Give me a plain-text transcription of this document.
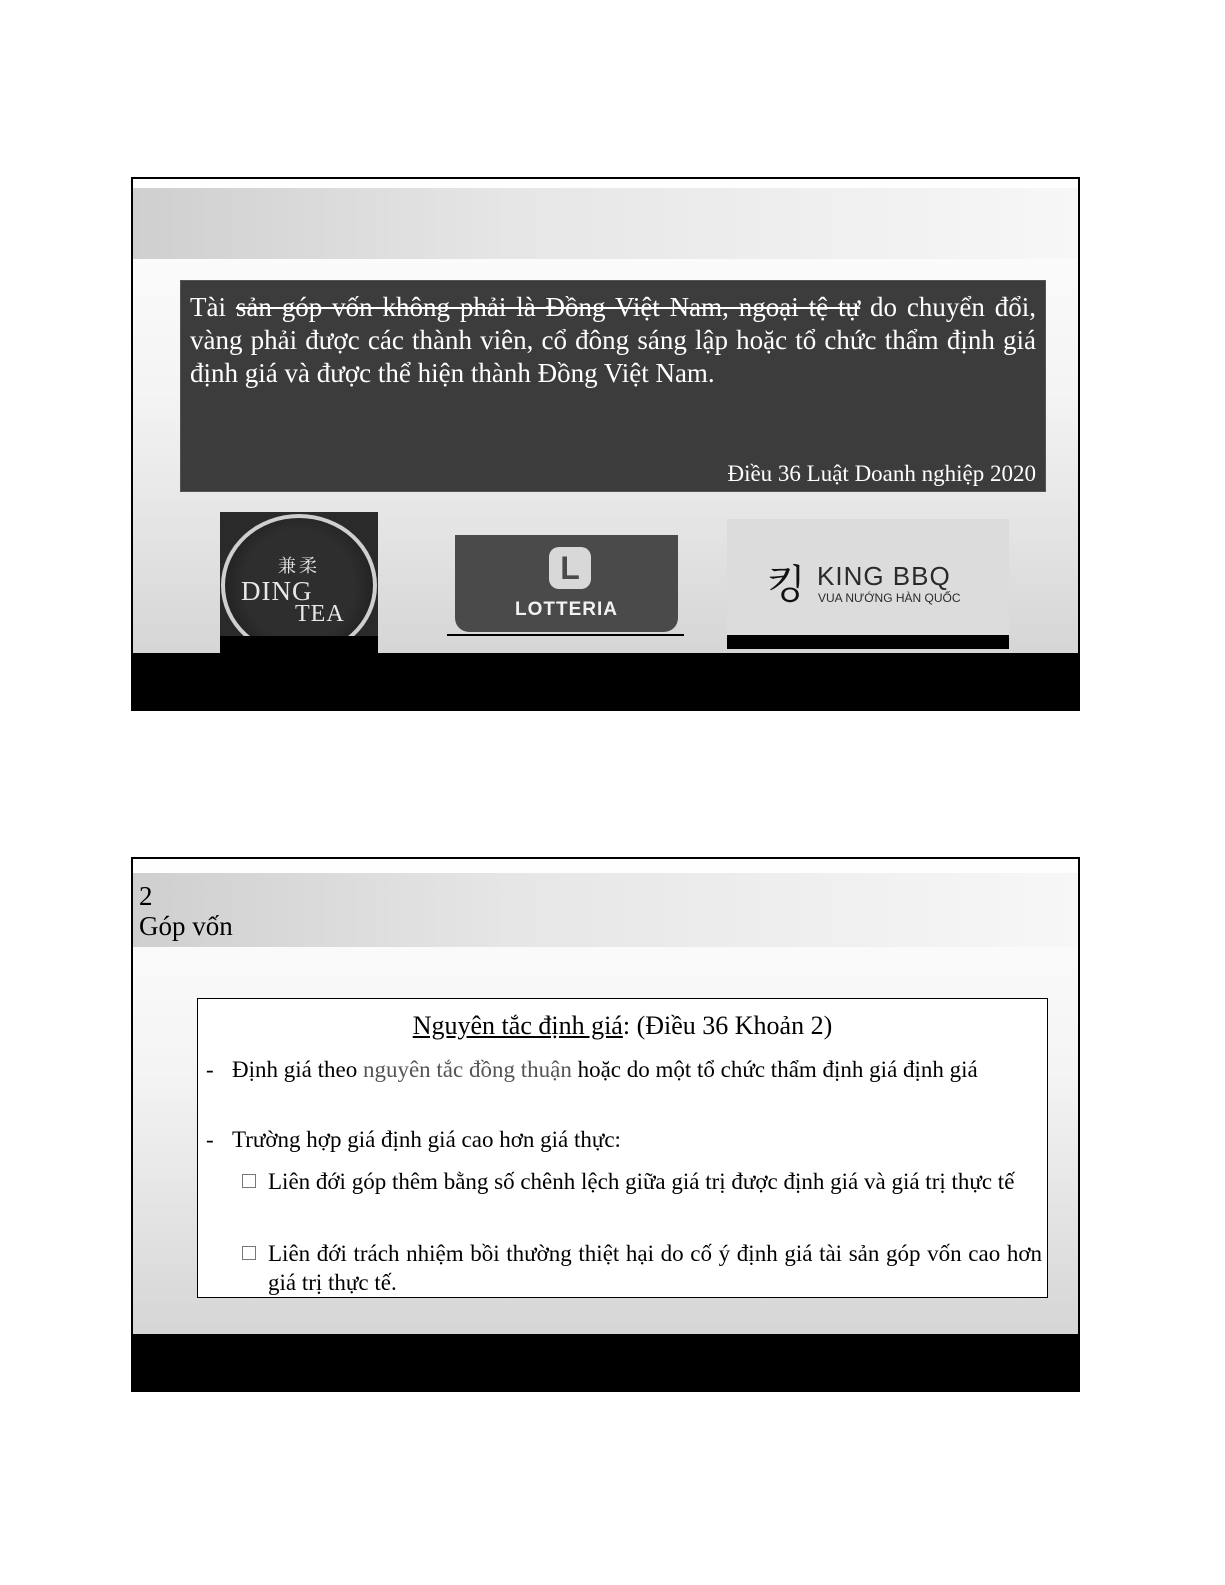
Tài sản góp vốn không phải là Đồng Việt Nam, ngoại tệ tự do chuyển đổi, vàng phải được các thành viên, cổ đông sáng lập hoặc tổ chức thẩm định giá định giá và được thể hiện thành Đồng Việt Nam.

Điều 36 Luật Doanh nghiệp 2020
兼柔
DING
TEA
L
LOTTERIA
킹 KING BBQ
VUA NƯỚNG HÀN QUỐC
2
Góp vốn
Nguyên tắc định giá: (Điều 36 Khoản 2)
- Định giá theo nguyên tắc đồng thuận hoặc do một tổ chức thẩm định giá định giá
- Trường hợp giá định giá cao hơn giá thực:
Liên đới góp thêm bằng số chênh lệch giữa giá trị được định giá và giá trị thực tế
Liên đới trách nhiệm bồi thường thiệt hại do cố ý định giá tài sản góp vốn cao hơn giá trị thực tế.
